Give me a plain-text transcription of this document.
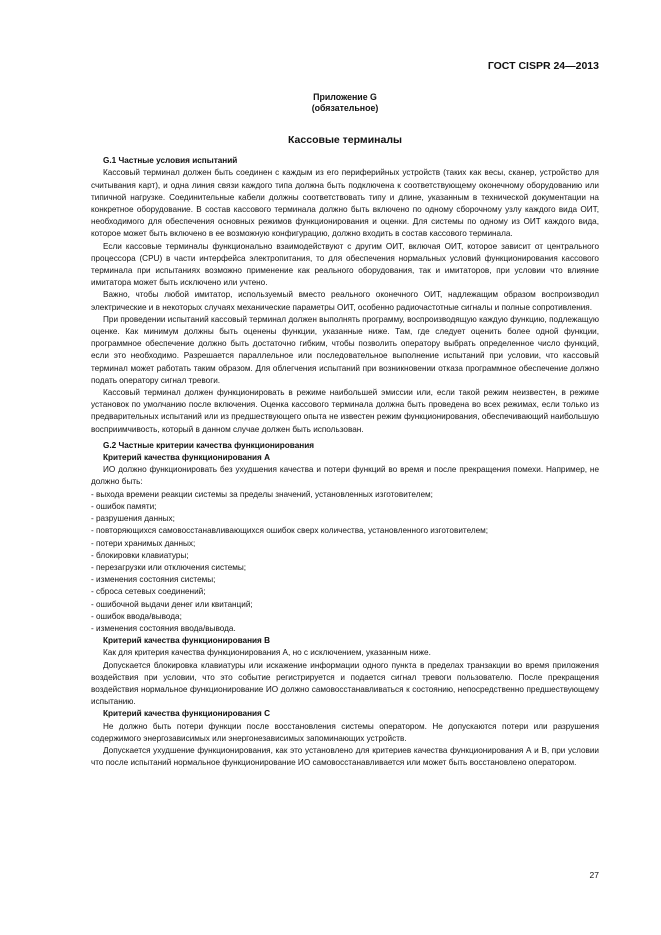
ГОСТ CISPR 24—2013
Приложение G
(обязательное)
Кассовые терминалы
G.1 Частные условия испытаний

Кассовый терминал должен быть соединен с каждым из его периферийных устройств (таких как весы, сканер, устройство для считывания карт), и одна линия связи каждого типа должна быть подключена к соответствующему оконечному оборудованию или типичной нагрузке. Соединительные кабели должны соответствовать типу и длине, указанным в технической документации на конкретное оборудование. В состав кассового терминала должно быть включено по одному сборочному узлу каждого вида ОИТ, необходимого для обеспечения основных режимов функционирования и оценки. Для системы по одному из ОИТ каждого вида, которое может быть включено в ее возможную конфигурацию, должно входить в состав кассового терминала.

Если кассовые терминалы функционально взаимодействуют с другим ОИТ, включая ОИТ, которое зависит от центрального процессора (CPU) в части интерфейса электропитания, то для обеспечения нормальных условий функционирования кассового терминала при испытаниях возможно применение как реального оборудования, так и имитаторов, при условии что влияние имитатора может быть исключено или учтено.

Важно, чтобы любой имитатор, используемый вместо реального оконечного ОИТ, надлежащим образом воспроизводил электрические и в некоторых случаях механические параметры ОИТ, особенно радиочастотные сигналы и полные сопротивления.

При проведении испытаний кассовый терминал должен выполнять программу, воспроизводящую каждую функцию, подлежащую оценке. Как минимум должны быть оценены функции, указанные ниже. Там, где следует оценить более одной функции, программное обеспечение должно быть достаточно гибким, чтобы позволить оператору выбрать определенное число функций, если это необходимо. Разрешается параллельное или последовательное выполнение испытаний при условии, что кассовый терминал может работать таким образом. Для облегчения испытаний при возникновении отказа программное обеспечение должно подать оператору сигнал тревоги.

Кассовый терминал должен функционировать в режиме наибольшей эмиссии или, если такой режим неизвестен, в режиме установок по умолчанию после включения. Оценка кассового терминала должна быть проведена во всех режимах, если только из предварительных испытаний или из предшествующего опыта не известен режим функционирования, обеспечивающий наибольшую восприимчивость, который в данном случае должен быть использован.

G.2 Частные критерии качества функционирования
Критерий качества функционирования А

ИО должно функционировать без ухудшения качества и потери функций во время и после прекращения помехи. Например, не должно быть:

- выхода времени реакции системы за пределы значений, установленных изготовителем;

- ошибок памяти;

- разрушения данных;

- повторяющихся самовосстанавливающихся ошибок сверх количества, установленного изготовителем;

- потери хранимых данных;

- блокировки клавиатуры;

- перезагрузки или отключения системы;

- изменения состояния системы;

- сброса сетевых соединений;

- ошибочной выдачи денег или квитанций;

- ошибок ввода/вывода;

- изменения состояния ввода/вывода.

Критерий качества функционирования В

Как для критерия качества функционирования А, но с исключением, указанным ниже.

Допускается блокировка клавиатуры или искажение информации одного пункта в пределах транзакции во время приложения воздействия при условии, что это событие регистрируется и подается сигнал тревоги пользователю. После прекращения воздействия нормальное функционирование ИО должно самовосстанавливаться к состоянию, непосредственно предшествующему испытанию.

Критерий качества функционирования С

Не должно быть потери функции после восстановления системы оператором. Не допускаются потери или разрушения содержимого энергозависимых или энергонезависимых запоминающих устройств.

Допускается ухудшение функционирования, как это установлено для критериев качества функционирования А и В, при условии что после испытаний нормальное функционирование ИО самовосстанавливается или может быть восстановлено оператором.

27
